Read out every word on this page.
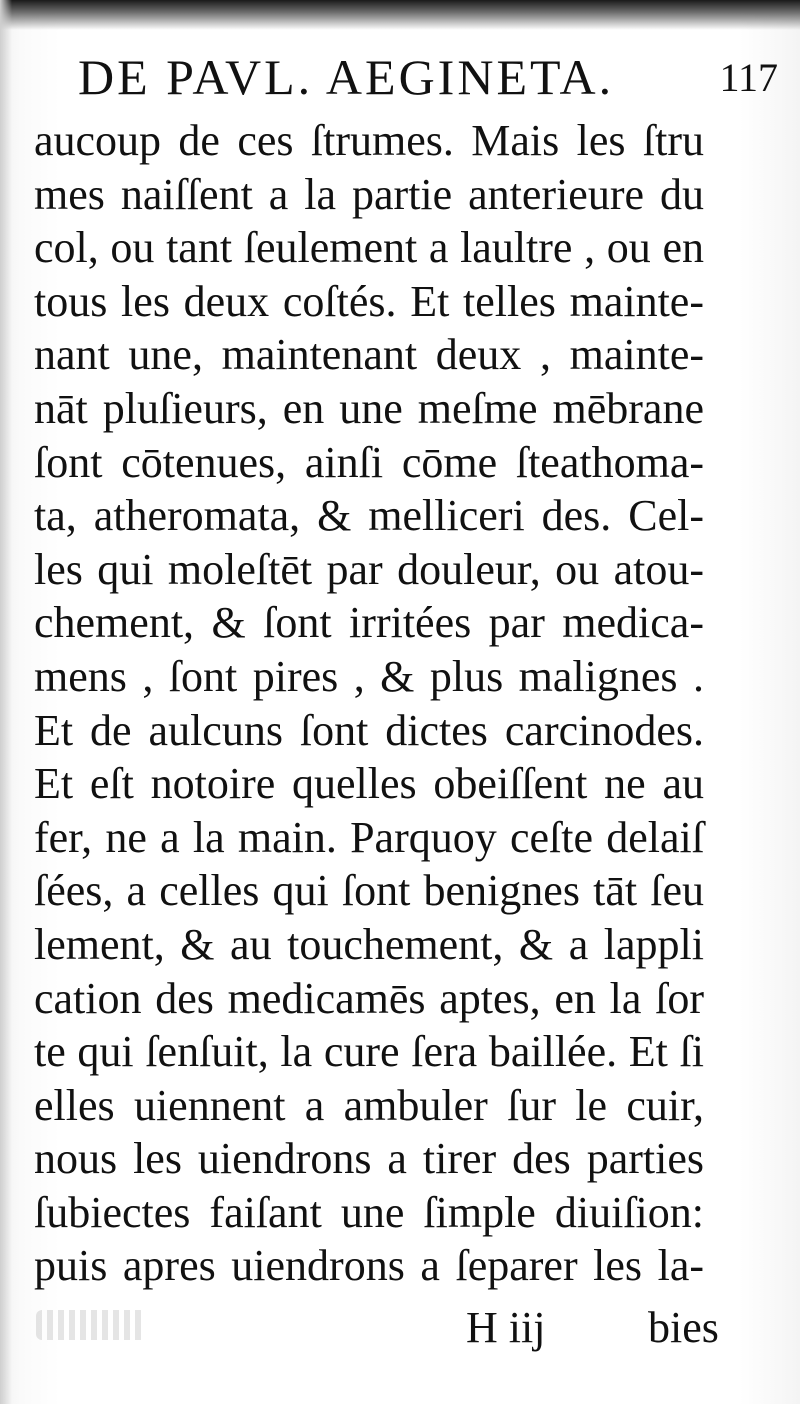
DE PAVL. AEGINETA.	117
aucoup de ces ſtrumes. Mais les ſtru
mes naiſſent a la partie anterieure du
col, ou tant ſeulement a laultre , ou en
tous les deux coſtés. Et telles mainte-
nant une, maintenant deux , mainte-
nāt pluſieurs, en une meſme mēbrane
ſont cōtenues, ainſi cōme ſteathoma-
ta, atheromata, & melliceri des. Cel-
les qui moleſtēt par douleur, ou atou-
chement, & ſont irritées par medica-
mens , ſont pires , & plus malignes .
Et de aulcuns ſont dictes carcinodes.
Et eſt notoire quelles obeiſſent ne au
fer, ne a la main. Parquoy ceſte delaiſ
ſées, a celles qui ſont benignes tāt ſeu
lement, & au touchement, & a lappli
cation des medicamēs aptes, en la ſor
te qui ſenſuit, la cure ſera baillée. Et ſi
elles uiennent a ambuler ſur le cuir,
nous les uiendrons a tirer des parties
ſubiectes faiſant une ſimple diuiſion:
puis apres uiendrons a ſeparer les la-
H iij bies
